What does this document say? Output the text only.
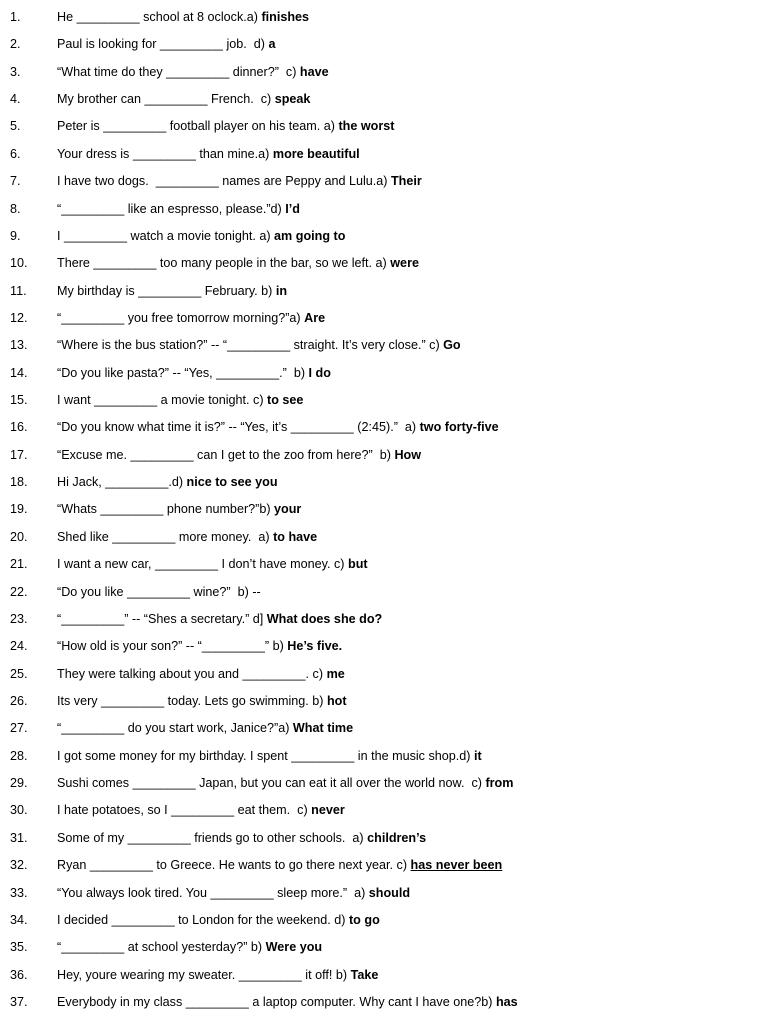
1.	He _________ school at 8 oclock.a) finishes
2.	Paul is looking for _________ job.  d) a
3.	“What time do they _________ dinner?”  c) have
4.	My brother can _________ French.  c) speak
5.	Peter is _________ football player on his team. a) the worst
6.	Your dress is _________ than mine.a) more beautiful
7.	I have two dogs.  _________ names are Peppy and Lulu.a) Their
8.	“_________ like an espresso, please.”d) I’d
9.	I _________ watch a movie tonight. a) am going to
10. There _________ too many people in the bar, so we left. a) were
11. My birthday is _________ February. b) in
12. “_________ you free tomorrow morning?”a) Are
13. “Where is the bus station?” -- “_________ straight. It’s very close.” c) Go
14. “Do you like pasta?” -- “Yes, _________.”  b) I do
15. I want _________ a movie tonight. c) to see
16. “Do you know what time it is?” -- “Yes, it’s _________ (2:45).”  a) two forty-five
17. “Excuse me. _________ can I get to the zoo from here?”  b) How
18. Hi Jack, _________.d) nice to see you
19. “Whats _________ phone number?”b) your
20. Shed like _________ more money.  a) to have
21. I want a new car, _________ I don’t have money. c) but
22. “Do you like _________ wine?”  b) --
23. “_________” -- “Shes a secretary.” d] What does she do?
24. “How old is your son?” -- “_________” b) He’s five.
25. They were talking about you and _________. c) me
26. Its very _________ today. Lets go swimming. b) hot
27. “_________ do you start work, Janice?”a) What time
28. I got some money for my birthday. I spent _________ in the music shop.d) it
29. Sushi comes _________ Japan, but you can eat it all over the world now.  c) from
30. I hate potatoes, so I _________ eat them.  c) never
31. Some of my _________ friends go to other schools.  a) children’s
32. Ryan _________ to Greece. He wants to go there next year. c) has never been
33. “You always look tired. You _________ sleep more.”  a) should
34. I decided _________ to London for the weekend. d) to go
35. “_________ at school yesterday?” b) Were you
36. Hey, youre wearing my sweater. _________ it off! b) Take
37. Everybody in my class _________ a laptop computer. Why cant I have one?b) has
